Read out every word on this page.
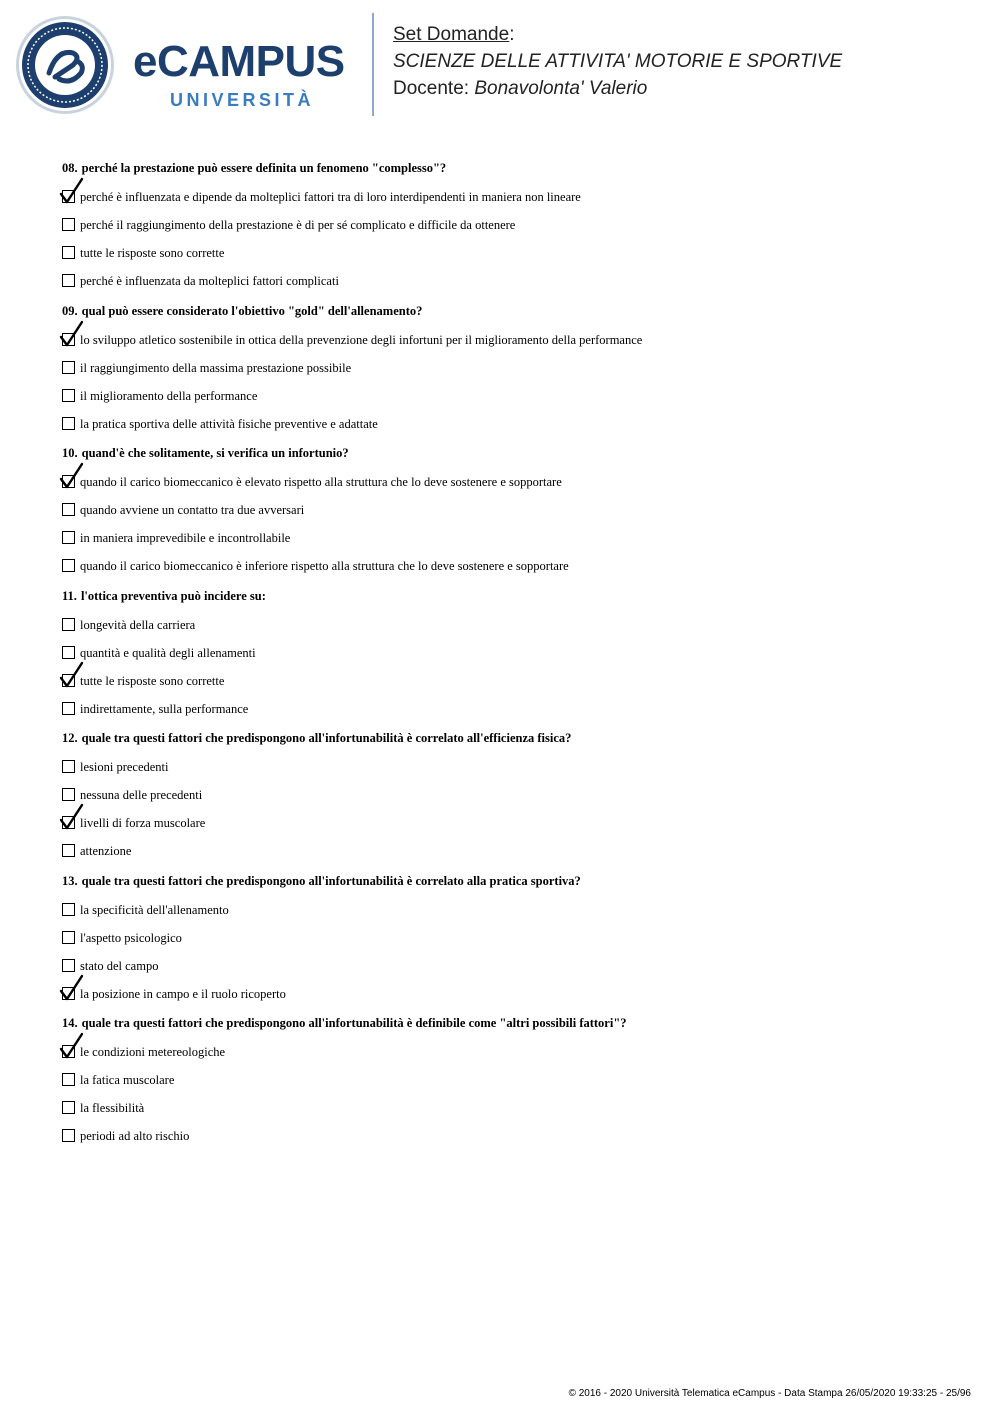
eCAMPUS
UNIVERSITÀ
Set Domande:
SCIENZE DELLE ATTIVITA' MOTORIE E SPORTIVE
Docente: Bonavolonta' Valerio
08. perché la prestazione può essere definita un fenomeno "complesso"?
perché è influenzata e dipende da molteplici fattori tra di loro interdipendenti in maniera non lineare
perché il raggiungimento della prestazione è di per sé complicato e difficile da ottenere
tutte le risposte sono corrette
perché è influenzata da molteplici fattori complicati
09. qual può essere considerato l'obiettivo "gold" dell'allenamento?
lo sviluppo atletico sostenibile in ottica della prevenzione degli infortuni per il miglioramento della performance
il raggiungimento della massima prestazione possibile
il miglioramento della performance
la pratica sportiva delle attività fisiche preventive e adattate
10. quand'è che solitamente, si verifica un infortunio?
quando il carico biomeccanico è elevato rispetto alla struttura che lo deve sostenere e sopportare
quando avviene un contatto tra due avversari
in maniera imprevedibile e incontrollabile
quando il carico biomeccanico è inferiore rispetto alla struttura che lo deve sostenere e sopportare
11. l'ottica preventiva può incidere su:
longevità della carriera
quantità e qualità degli allenamenti
tutte le risposte sono corrette
indirettamente, sulla performance
12. quale tra questi fattori che predispongono all'infortunabilità è correlato all'efficienza fisica?
lesioni precedenti
nessuna delle precedenti
livelli di forza muscolare
attenzione
13. quale tra questi fattori che predispongono all'infortunabilità è correlato alla pratica sportiva?
la specificità dell'allenamento
l'aspetto psicologico
stato del campo
la posizione in campo e il ruolo ricoperto
14. quale tra questi fattori che predispongono all'infortunabilità è definibile come "altri possibili fattori"?
le condizioni metereologiche
la fatica muscolare
la flessibilità
periodi ad alto rischio
© 2016 - 2020 Università Telematica eCampus - Data Stampa 26/05/2020 19:33:25 - 25/96
